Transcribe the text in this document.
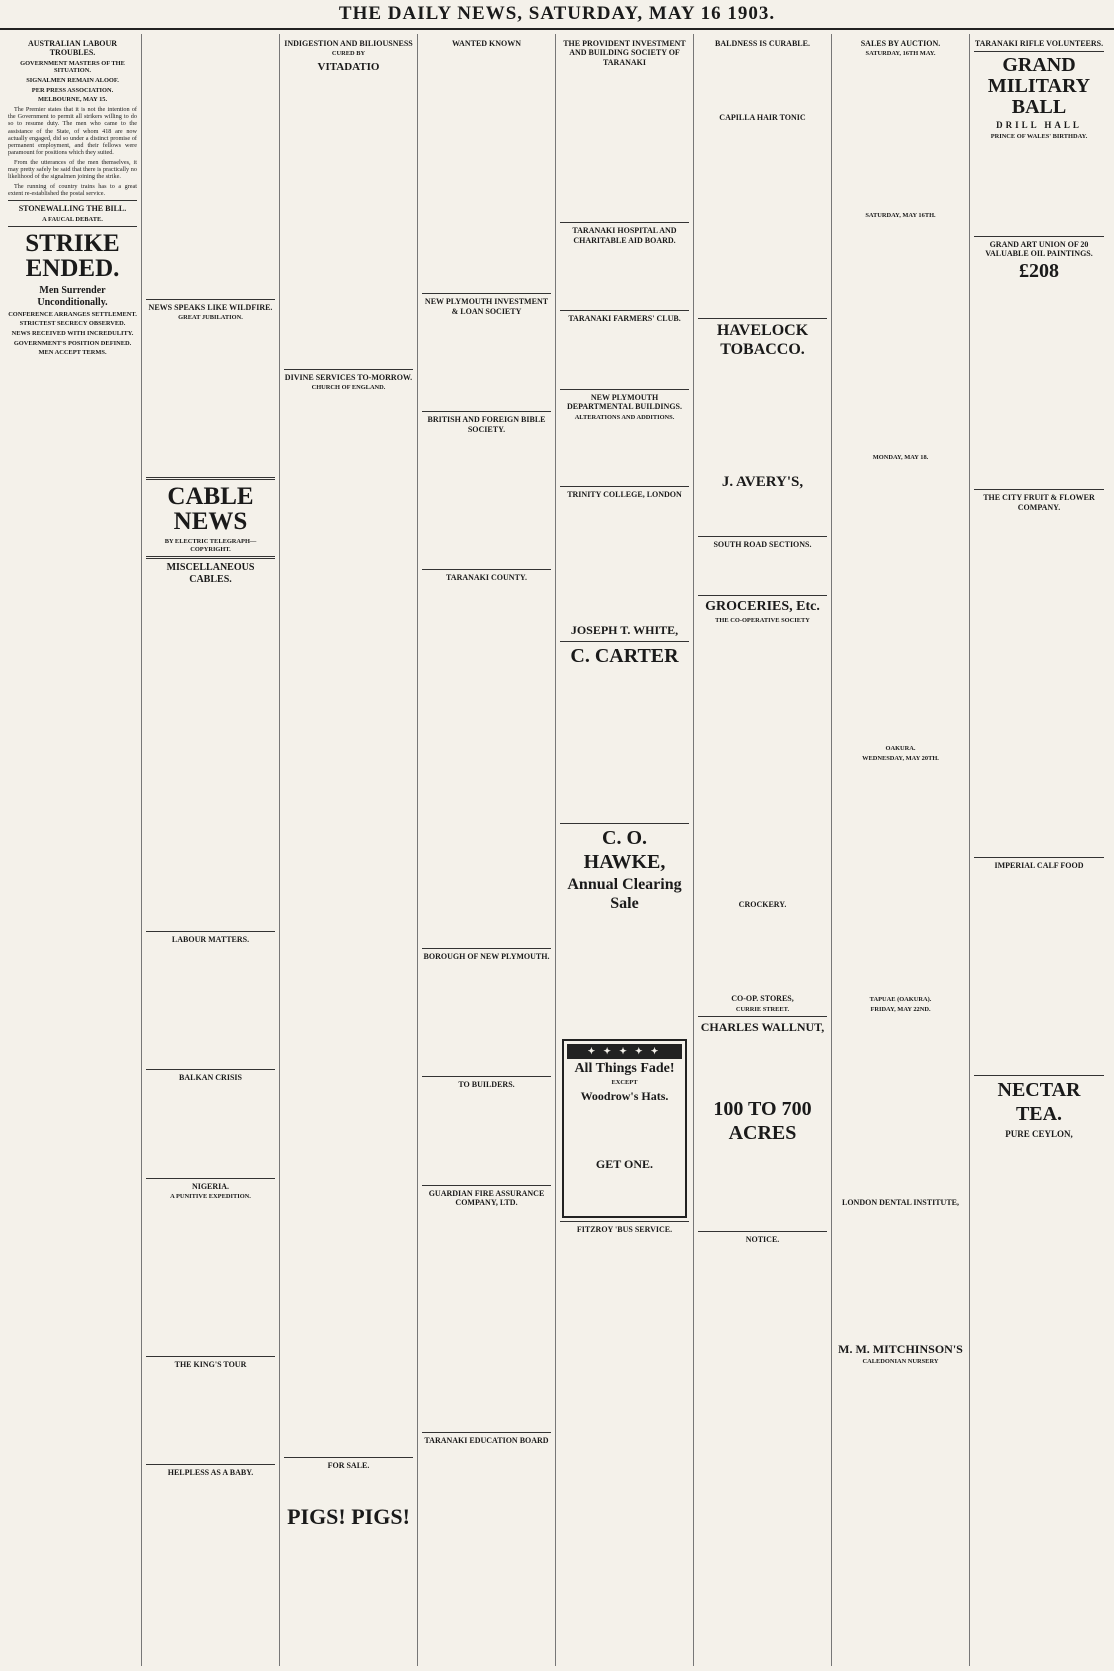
THE DAILY NEWS, SATURDAY, MAY 16 1903.
AUSTRALIAN LABOUR TROUBLES.
GOVERNMENT MASTERS OF THE SITUATION.
SIGNALMEN REMAIN ALOOF.
PER PRESS ASSOCIATION.
MELBOURNE, MAY 15.

The Premier states that it is not the intention of the Government to permit all strikers willing to do so to resume duty. The men who came to the assistance of the State, of whom 418 are now actually engaged, did so under a distinct promise of permanent employment, and their fellows were paramount for positions which they suited.

From the utterances of the men themselves, it may pretty safely be said that there is practically no likelihood of the signalmen joining the strike.

The running of country trains has to a great extent re-established the postal service.

STONEWALLING THE BILL.
A FAUCAL DEBATE.
STRIKE ENDED.
Men Surrender Unconditionally.
CONFERENCE ARRANGES SETTLEMENT.
STRICTEST SECRECY OBSERVED.
NEWS RECEIVED WITH INCREDULITY.
GOVERNMENT'S POSITION DEFINED.
MEN ACCEPT TERMS.
NEWS SPEAKS LIKE WILDFIRE.
GREAT JUBILATION.
CABLE NEWS
BY ELECTRIC TELEGRAPH—COPYRIGHT.
MISCELLANEOUS CABLES.
LABOUR MATTERS.
BALKAN CRISIS
NIGERIA.
A PUNITIVE EXPEDITION.
THE KING'S TOUR
HELPLESS AS A BABY.
INDIGESTION AND BILIOUSNESS
CURED BY
VITADATIO
DIVINE SERVICES TO-MORROW.
CHURCH OF ENGLAND.
FOR SALE.
PIGS! PIGS!
WANTED KNOWN
NEW PLYMOUTH INVESTMENT & LOAN SOCIETY
BRITISH AND FOREIGN BIBLE SOCIETY.
TARANAKI COUNTY.
BOROUGH OF NEW PLYMOUTH.
TO BUILDERS.
GUARDIAN FIRE ASSURANCE COMPANY, LTD.
TARANAKI EDUCATION BOARD
THE PROVIDENT INVESTMENT AND BUILDING SOCIETY OF TARANAKI
TARANAKI HOSPITAL AND CHARITABLE AID BOARD.
TARANAKI FARMERS' CLUB.
NEW PLYMOUTH DEPARTMENTAL BUILDINGS.
ALTERATIONS AND ADDITIONS.
TRINITY COLLEGE, LONDON
JOSEPH T. WHITE,
C. CARTER
C. O. HAWKE,
Annual Clearing Sale
✦ ✦ ✦ ✦ ✦
All Things Fade!
EXCEPT
Woodrow's Hats.
GET ONE.
FITZROY 'BUS SERVICE.
BALDNESS IS CURABLE.
CAPILLA HAIR TONIC
HAVELOCK TOBACCO.
J. AVERY'S,
SOUTH ROAD SECTIONS.
GROCERIES, Etc.
THE CO-OPERATIVE SOCIETY
CROCKERY.
CO-OP. STORES,
CURRIE STREET.
CHARLES WALLNUT,
100 TO 700 ACRES
NOTICE.
SALES BY AUCTION.
SATURDAY, 16TH MAY.
SATURDAY, MAY 16TH.
MONDAY, MAY 18.
OAKURA.
WEDNESDAY, MAY 20TH.
TAPUAE (OAKURA).
FRIDAY, MAY 22ND.
LONDON DENTAL INSTITUTE,
M. M. MITCHINSON'S
CALEDONIAN NURSERY
TARANAKI RIFLE VOLUNTEERS.
GRAND MILITARY BALL
DRILL HALL
PRINCE OF WALES' BIRTHDAY.
GRAND ART UNION OF 20 VALUABLE OIL PAINTINGS.
£208
THE CITY FRUIT & FLOWER COMPANY.
IMPERIAL CALF FOOD
NECTAR TEA.
PURE CEYLON,
